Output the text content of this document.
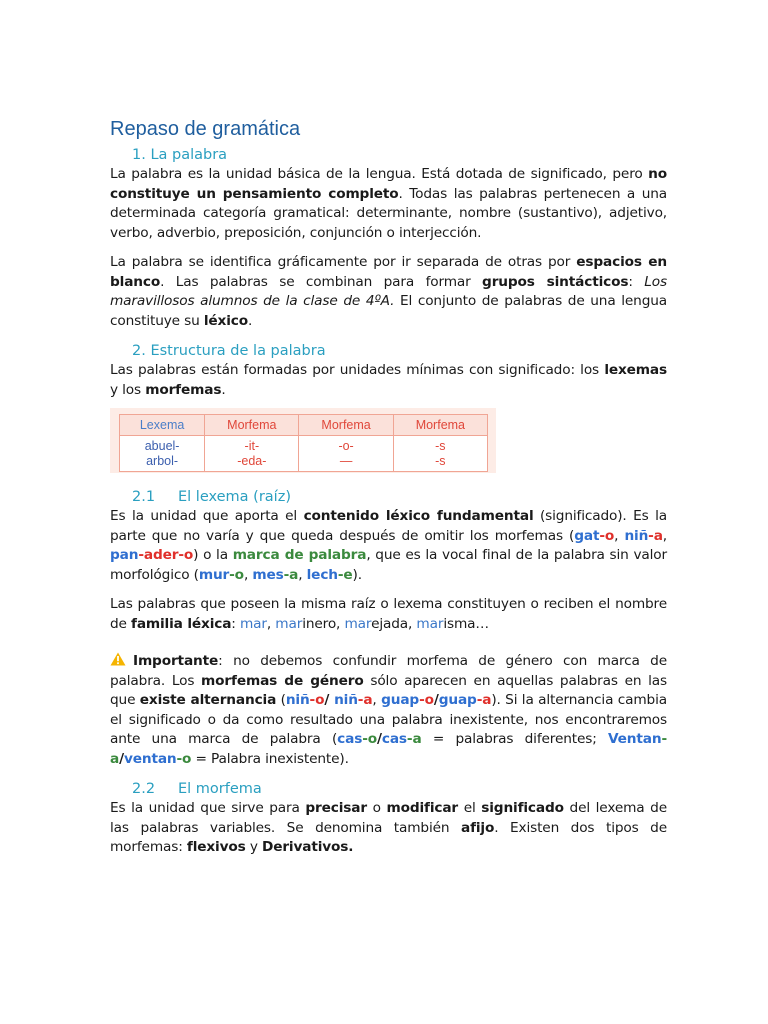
Repaso de gramática
1. La palabra

La palabra es la unidad básica de la lengua. Está dotada de significado, pero no constituye un pensamiento completo. Todas las palabras pertenecen a una determinada categoría gramatical: determinante, nombre (sustantivo), adjetivo, verbo, adverbio, preposición, conjunción o interjección.

La palabra se identifica gráficamente por ir separada de otras por espacios en blanco. Las palabras se combinan para formar grupos sintácticos: Los maravillosos alumnos de la clase de 4ºA. El conjunto de palabras de una lengua constituye su léxico.

2. Estructura de la palabra

Las palabras están formadas por unidades mínimas con significado: los lexemas y los morfemas.

Lexema	Morfema	Morfema	Morfema
abuel-	-it-	-o-	-s
arbol-	-eda-	—	-s
2.1 El lexema (raíz)

Es la unidad que aporta el contenido léxico fundamental (significado). Es la parte que no varía y que queda después de omitir los morfemas (gat-o, niñ-a, pan-ader-o) o la marca de palabra, que es la vocal final de la palabra sin valor morfológico (mur-o, mes-a, lech-e).

Las palabras que poseen la misma raíz o lexema constituyen o reciben el nombre de familia léxica: mar, marinero, marejada, marisma…

Importante: no debemos confundir morfema de género con marca de palabra. Los morfemas de género sólo aparecen en aquellas palabras en las que existe alternancia (niñ-o/ niñ-a, guap-o/guap-a). Si la alternancia cambia el significado o da como resultado una palabra inexistente, nos encontraremos ante una marca de palabra (cas-o/cas-a = palabras diferentes; Ventan-a/ventan-o = Palabra inexistente).

2.2 El morfema

Es la unidad que sirve para precisar o modificar el significado del lexema de las palabras variables. Se denomina también afijo. Existen dos tipos de morfemas: flexivos y Derivativos.
